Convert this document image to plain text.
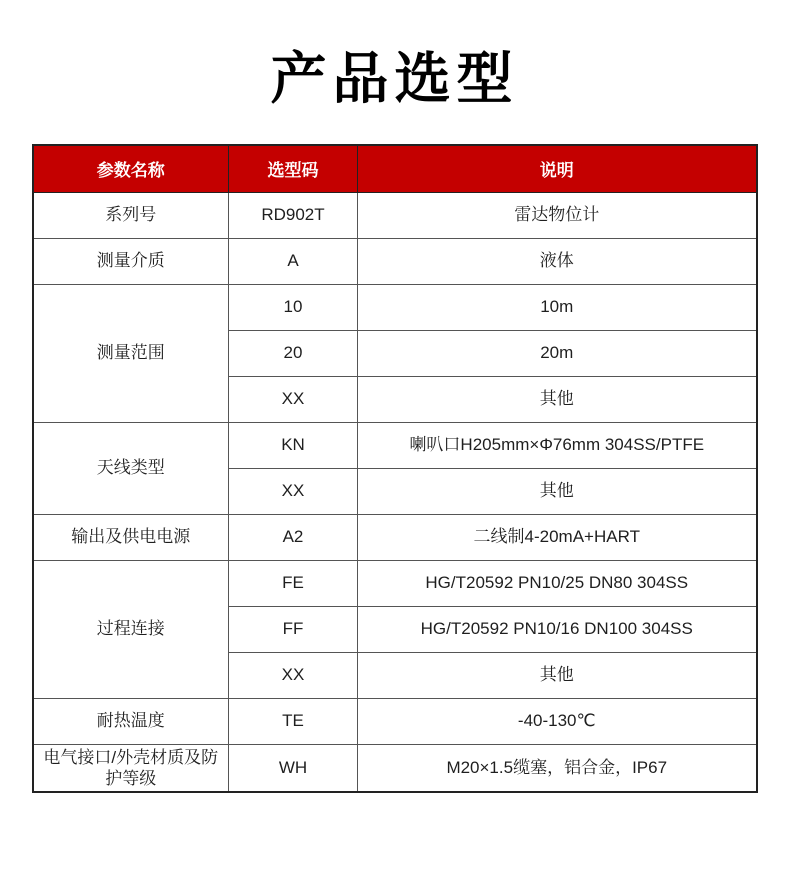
产品选型
参数名称	选型码	说明
系列号	RD902T	雷达物位计
测量介质	A	液体
测量范围	10	10m
	20	20m
	XX	其他
天线类型	KN	喇叭口H205mm×Φ76mm 304SS/PTFE
	XX	其他
输出及供电电源	A2	二线制4-20mA+HART
过程连接	FE	HG/T20592 PN10/25 DN80 304SS
	FF	HG/T20592 PN10/16 DN100 304SS
	XX	其他
耐热温度	TE	-40-130℃
电气接口/外壳材质及防护等级	WH	M20×1.5缆塞，铝合金，IP67
